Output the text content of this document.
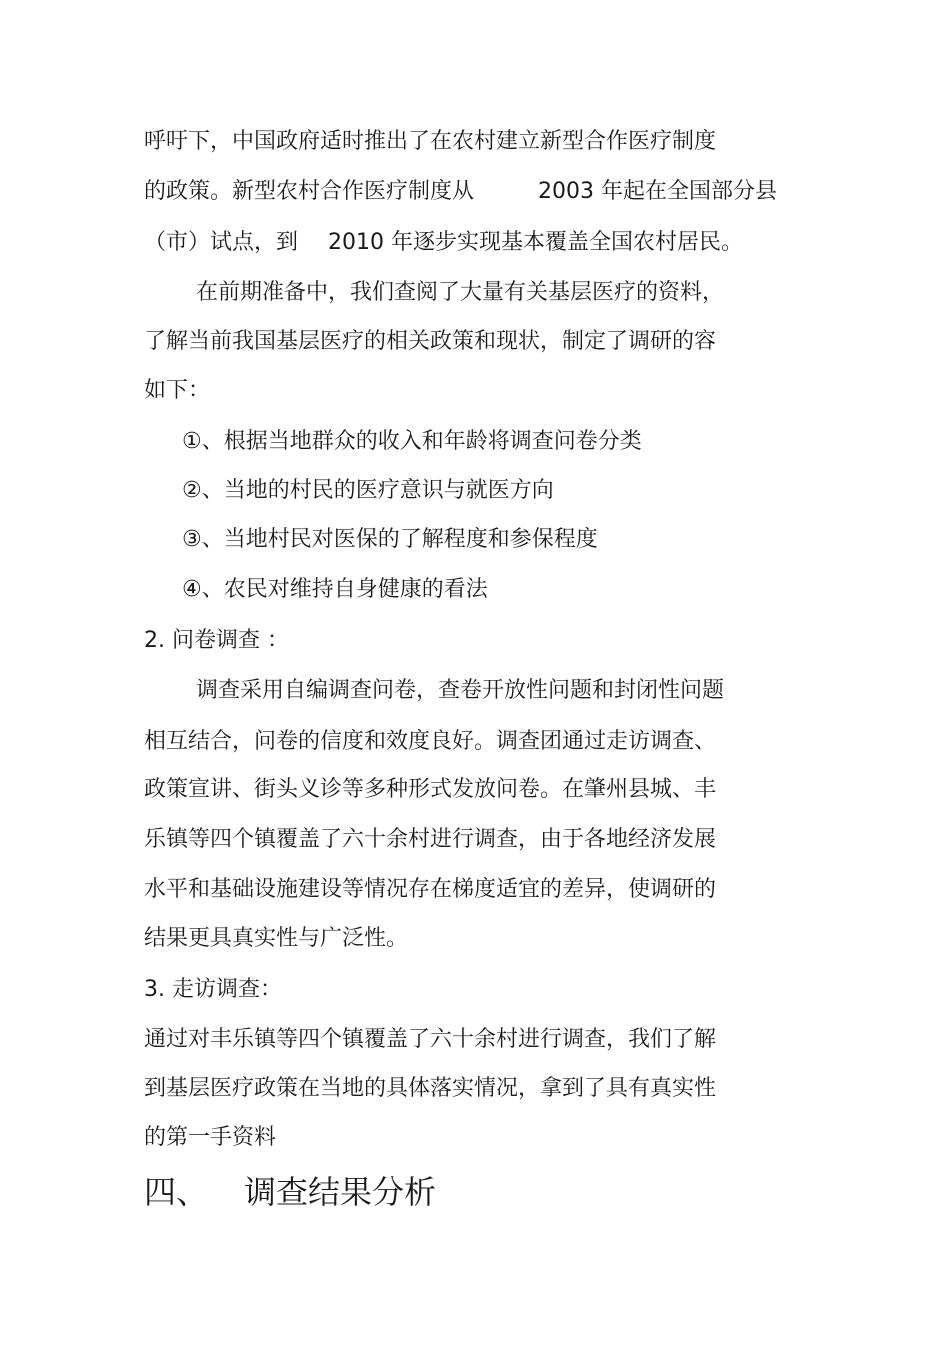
呼吁下，中国政府适时推出了在农村建立新型合作医疗制度
的政策。新型农村合作医疗制度从	2003 年起在全国部分县
（市）试点，到 2010 年逐步实现基本覆盖全国农村居民。
在前期准备中，我们查阅了大量有关基层医疗的资料，
了解当前我国基层医疗的相关政策和现状，制定了调研的容
如下：
①、根据当地群众的收入和年龄将调查问卷分类
②、当地的村民的医疗意识与就医方向
③、当地村民对医保的了解程度和参保程度
④、农民对维持自身健康的看法
2. 问卷调查 ：
调查采用自编调查问卷，查卷开放性问题和封闭性问题
相互结合，问卷的信度和效度良好。调查团通过走访调查、
政策宣讲、街头义诊等多种形式发放问卷。在肇州县城、丰
乐镇等四个镇覆盖了六十余村进行调查，由于各地经济发展
水平和基础设施建设等情况存在梯度适宜的差异，使调研的
结果更具真实性与广泛性。
3. 走访调查：
通过对丰乐镇等四个镇覆盖了六十余村进行调查，我们了解
到基层医疗政策在当地的具体落实情况，拿到了具有真实性
的第一手资料
四、 调查结果分析
